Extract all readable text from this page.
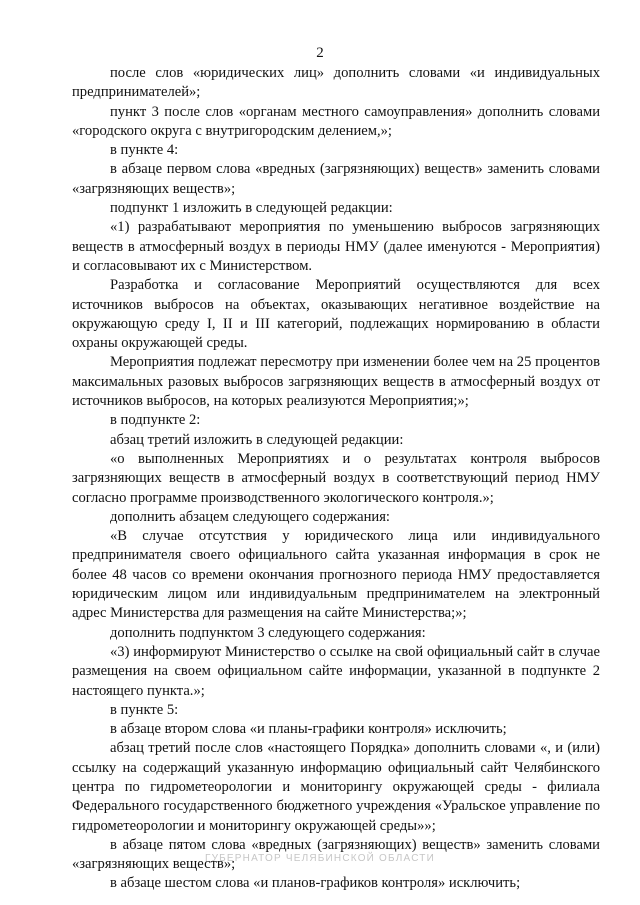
2

после слов «юридических лиц» дополнить словами «и индивидуальных предпринимателей»;

пункт 3 после слов «органам местного самоуправления» дополнить словами «городского округа с внутригородским делением,»;

в пункте 4:

в абзаце первом слова «вредных (загрязняющих) веществ» заменить словами «загрязняющих веществ»;

подпункт 1 изложить в следующей редакции:

«1) разрабатывают мероприятия по уменьшению выбросов загрязняющих веществ в атмосферный воздух в периоды НМУ (далее именуются - Мероприятия) и согласовывают их с Министерством.

Разработка и согласование Мероприятий осуществляются для всех источников выбросов на объектах, оказывающих негативное воздействие на окружающую среду I, II и III категорий, подлежащих нормированию в области охраны окружающей среды.

Мероприятия подлежат пересмотру при изменении более чем на 25 процентов максимальных разовых выбросов загрязняющих веществ в атмосферный воздух от источников выбросов, на которых реализуются Мероприятия;»;

в подпункте 2:

абзац третий изложить в следующей редакции:

«о выполненных Мероприятиях и о результатах контроля выбросов загрязняющих веществ в атмосферный воздух в соответствующий период НМУ согласно программе производственного экологического контроля.»;

дополнить абзацем следующего содержания:

«В случае отсутствия у юридического лица или индивидуального предпринимателя своего официального сайта указанная информация в срок не более 48 часов со времени окончания прогнозного периода НМУ предоставляется юридическим лицом или индивидуальным предпринимателем на электронный адрес Министерства для размещения на сайте Министерства;»;

дополнить подпунктом 3 следующего содержания:

«3) информируют Министерство о ссылке на свой официальный сайт в случае размещения на своем официальном сайте информации, указанной в подпункте 2 настоящего пункта.»;

в пункте 5:

в абзаце втором слова «и планы-графики контроля» исключить;

абзац третий после слов «настоящего Порядка» дополнить словами «, и (или) ссылку на содержащий указанную информацию официальный сайт Челябинского центра по гидрометеорологии и мониторингу окружающей среды - филиала Федерального государственного бюджетного учреждения «Уральское управление по гидрометеорологии и мониторингу окружающей среды»»;

в абзаце пятом слова «вредных (загрязняющих) веществ» заменить словами «загрязняющих веществ»;

в абзаце шестом слова «и планов-графиков контроля» исключить;

ГУБЕРНАТОР ЧЕЛЯБИНСКОЙ ОБЛАСТИ
